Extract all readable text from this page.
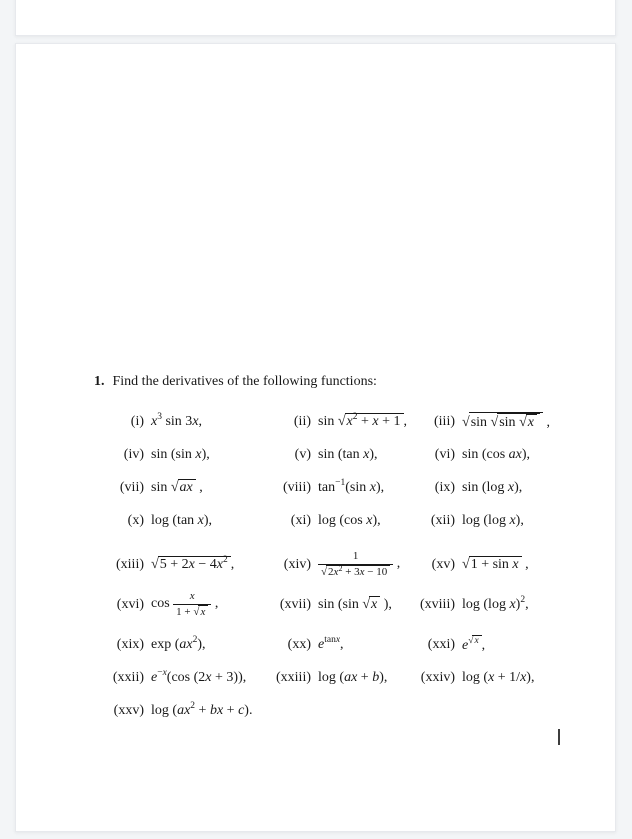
1. Find the derivatives of the following functions:
(i) $x^3$ sin 3x,	(ii) $\sin √x^2 + x + 1$ ,	(iii) √sin √sin √x ,
(iv) sin (sin x),	(v) sin (tan x),	(vi) sin (cos ax),
(vii) sin √ax ,	(viii) $\tan^{-1}(\sin$ x),	(ix) sin (log x),
(x) log (tan x),	(xi) log (cos x),	(xii) log (log x),
(xiii) $√5 + 2x - 4x^2$ ,	$(xiv) \frac{1}{√2x^2 + 3x - 10}$ ,	(xv) √1 + sin x ,
(xvi) $\cos \frac{x}{1 + √x}$ ,	(xvii) sin (sin √x ),	(xviii) log (log x)$^2$,
(xix) $\exp (ax^2)$,	(xx) $e^{tanx}$,	(xxi) $e^{√x}$ ,
(xxii) $e^{-x}(\cos$ (2x + 3)),	(xxiii) log (ax + b),	(xxiv) log (x + 1/x),
(xxv) $\log (ax^2$ + bx + c).
